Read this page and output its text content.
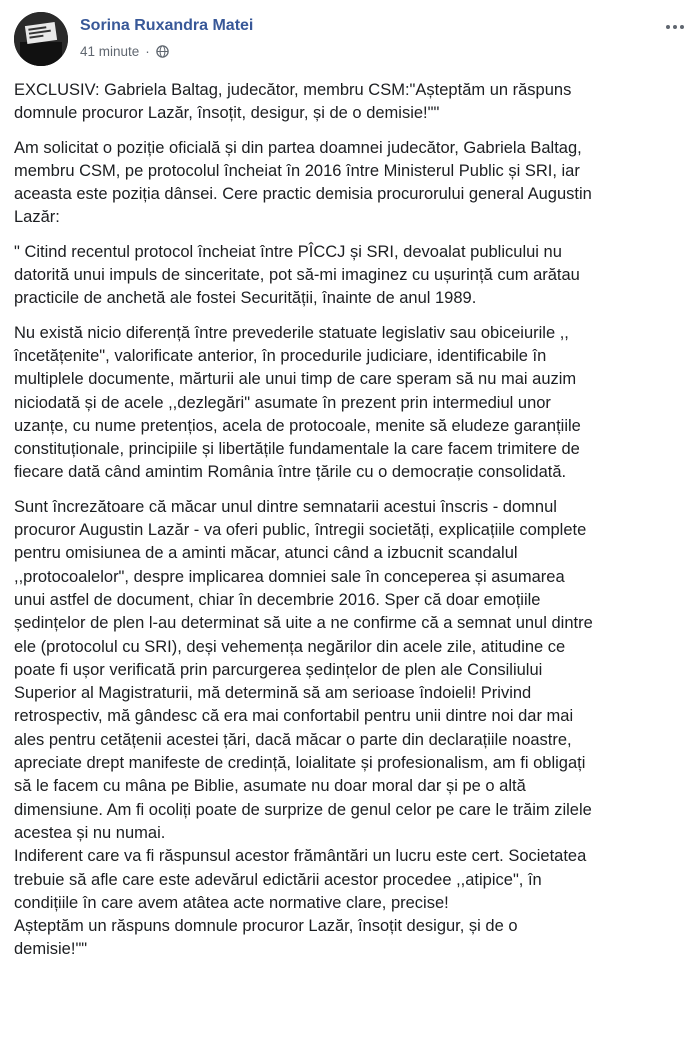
Sorina Ruxandra Matei
41 minute ·

EXCLUSIV: Gabriela Baltag, judecător, membru CSM:"Așteptăm un răspuns
domnule procuror Lazăr, însoțit, desigur, și de o demisie!""

Am solicitat o poziție oficială și din partea doamnei judecător, Gabriela Baltag,
membru CSM, pe protocolul încheiat în 2016 între Ministerul Public și SRI, iar
aceasta este poziția dânsei. Cere practic demisia procurorului general Augustin
Lazăr:

" Citind recentul protocol încheiat între PÎCCJ și SRI, devoalat publicului nu
datorită unui impuls de sinceritate, pot să-mi imaginez cu ușurință cum arătau
practicile de anchetă ale fostei Securității, înainte de anul 1989.

Nu există nicio diferență între prevederile statuate legislativ sau obiceiurile ,,
încetățenite", valorificate anterior, în procedurile judiciare, identificabile în
multiplele documente, mărturii ale unui timp de care speram să nu mai auzim
niciodată și de acele ,,dezlegări" asumate în prezent prin intermediul unor
uzanțe, cu nume pretențios, acela de protocoale, menite să eludeze garanțiile
constituționale, principiile și libertățile fundamentale la care facem trimitere de
fiecare dată când amintim România între țările cu o democrație consolidată.

Sunt încrezătoare că măcar unul dintre semnatarii acestui înscris - domnul
procuror Augustin Lazăr - va oferi public, întregii societăți, explicațiile complete
pentru omisiunea de a aminti măcar, atunci când a izbucnit scandalul
,,protocoalelor", despre implicarea domniei sale în conceperea și asumarea
unui astfel de document, chiar în decembrie 2016. Sper că doar emoțiile
ședințelor de plen l-au determinat să uite a ne confirme că a semnat unul dintre
ele (protocolul cu SRI), deși vehemența negărilor din acele zile, atitudine ce
poate fi ușor verificată prin parcurgerea ședințelor de plen ale Consiliului
Superior al Magistraturii, mă determină să am serioase îndoieli! Privind
retrospectiv, mă gândesc că era mai confortabil pentru unii dintre noi dar mai
ales pentru cetățenii acestei țări, dacă măcar o parte din declarațiile noastre,
apreciate drept manifeste de credință, loialitate și profesionalism, am fi obligați
să le facem cu mâna pe Biblie, asumate nu doar moral dar și pe o altă
dimensiune. Am fi ocoliți poate de surprize de genul celor pe care le trăim zilele
acestea și nu numai.

Indiferent care va fi răspunsul acestor frământări un lucru este cert. Societatea
trebuie să afle care este adevărul edictării acestor procedee ,,atipice", în
condițiile în care avem atâtea acte normative clare, precise!

Așteptăm un răspuns domnule procuror Lazăr, însoțit desigur, și de o
demisie!""
